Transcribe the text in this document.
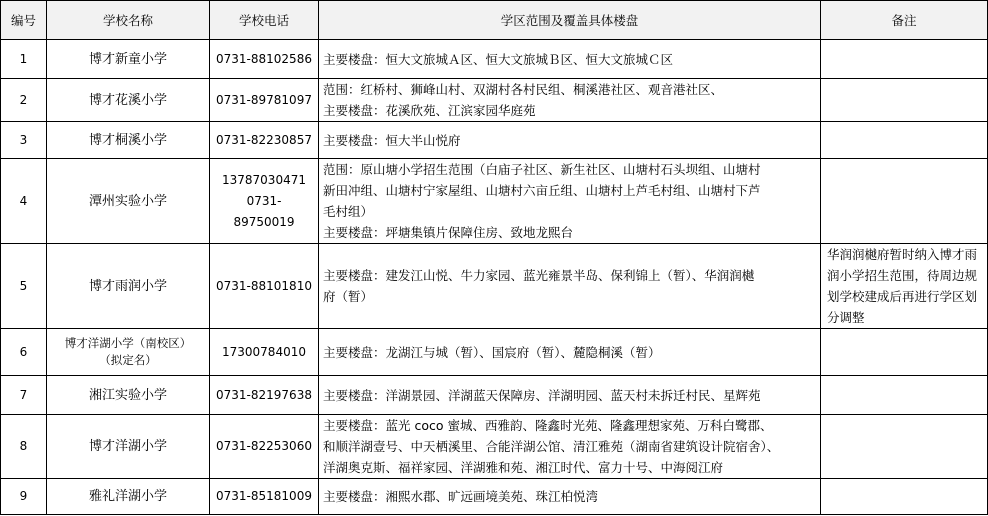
编号	学校名称	学校电话	学区范围及覆盖具体楼盘	备注
1	博才新童小学	0731-88102586	主要楼盘：恒大文旅城Ａ区、恒大文旅城Ｂ区、恒大文旅城Ｃ区	

2	博才花溪小学	0731-89781097	范围：红桥村、狮峰山村、双湖村各村民组、桐溪港社区、观音港社区、
主要楼盘：花溪欣苑、江滨家园华庭苑	

3	博才桐溪小学	0731-82230857	主要楼盘：恒大半山悦府	

4	潭州实验小学	13787030471
0731-
89750019	范围：原山塘小学招生范围（白庙子社区、新生社区、山塘村石头坝组、山塘村
新田冲组、山塘村宁家屋组、山塘村六亩丘组、山塘村上芦毛村组、山塘村下芦
毛村组）
主要楼盘：坪塘集镇片保障住房、致地龙熙台	

5	博才雨润小学	0731-88101810	主要楼盘：建发江山悦、牛力家园、蓝光雍景半岛、保利锦上（暂）、华润润樾
府（暂）	华润润樾府暂时纳入博才雨润小学招生范围，待周边规划学校建成后再进行学区划分调整

6	博才洋湖小学（南校区）
（拟定名）	17300784010	主要楼盘：龙湖江与城（暂）、国宸府（暂）、麓隐桐溪（暂）	

7	湘江实验小学	0731-82197638	主要楼盘：洋湖景园、洋湖蓝天保障房、洋湖明园、蓝天村未拆迁村民、星辉苑	

8	博才洋湖小学	0731-82253060	主要楼盘：蓝光 coco 蜜城、西雅韵、隆鑫时光苑、隆鑫理想家苑、万科白鹭郡、
和顺洋湖壹号、中天栖溪里、合能洋湖公馆、清江雅苑（湖南省建筑设计院宿舍）、
洋湖奥克斯、福祥家园、洋湖雅和苑、湘江时代、富力十号、中海阅江府	

9	雅礼洋湖小学	0731-85181009	主要楼盘：湘熙水郡、旷远画境美苑、珠江柏悦湾	
